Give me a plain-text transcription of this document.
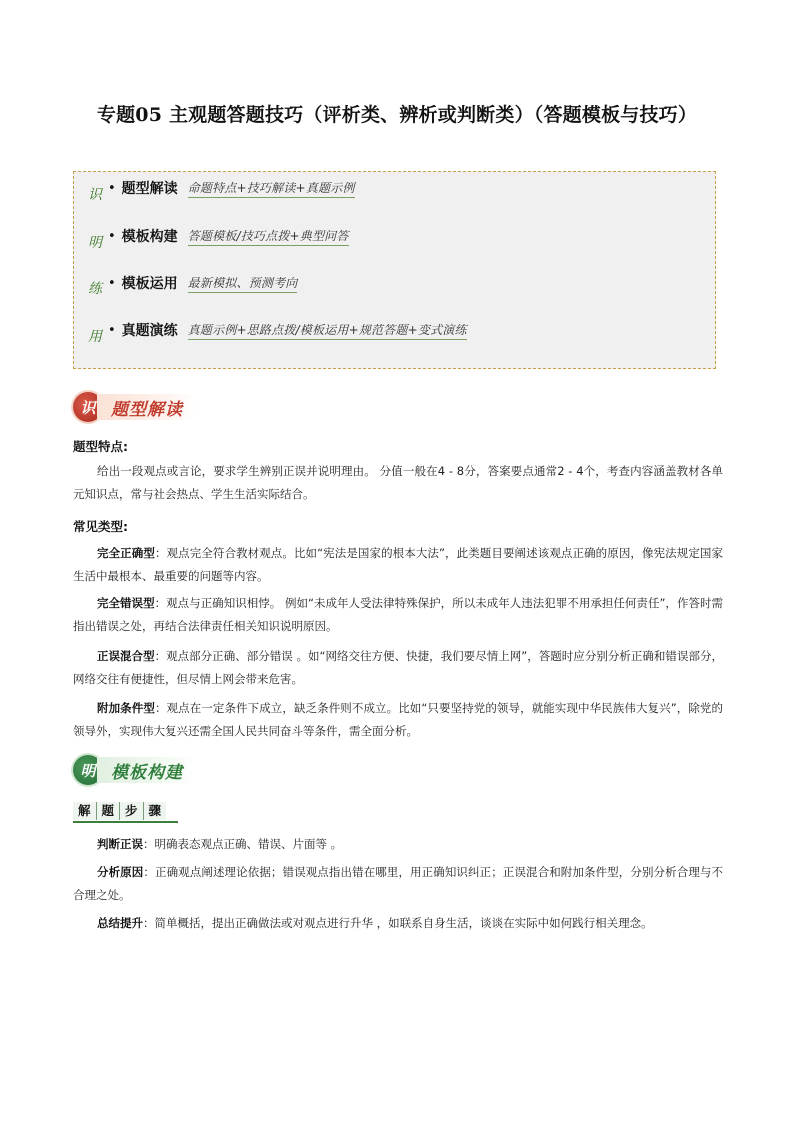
专题05 主观题答题技巧（评析类、辨析或判断类）（答题模板与技巧）
识
明
练
用
• 题型解读 命题特点+技巧解读+真题示例
• 模板构建 答题模板/技巧点拨+典型问答
• 模板运用 最新模拟、预测考向
• 真题演练 真题示例+思路点拨/模板运用+规范答题+变式演练
识 题型解读
题型特点:
给出一段观点或言论，要求学生辨别正误并说明理由。 分值一般在4 - 8分，答案要点通常2 - 4个，考查内容涵盖教材各单元知识点，常与社会热点、学生生活实际结合。
常见类型:
完全正确型：观点完全符合教材观点。比如“宪法是国家的根本大法”，此类题目要阐述该观点正确的原因，像宪法规定国家生活中最根本、最重要的问题等内容。
完全错误型：观点与正确知识相悖。 例如“未成年人受法律特殊保护，所以未成年人违法犯罪不用承担任何责任”，作答时需指出错误之处，再结合法律责任相关知识说明原因。
正误混合型：观点部分正确、部分错误 。如“网络交往方便、快捷，我们要尽情上网”，答题时应分别分析正确和错误部分，网络交往有便捷性，但尽情上网会带来危害。
附加条件型：观点在一定条件下成立，缺乏条件则不成立。比如“只要坚持党的领导，就能实现中华民族伟大复兴”，除党的领导外，实现伟大复兴还需全国人民共同奋斗等条件，需全面分析。
明 模板构建
解 题 步 骤
判断正误：明确表态观点正确、错误、片面等 。
分析原因：正确观点阐述理论依据；错误观点指出错在哪里，用正确知识纠正；正误混合和附加条件型，分别分析合理与不合理之处。
总结提升：简单概括，提出正确做法或对观点进行升华 ，如联系自身生活，谈谈在实际中如何践行相关理念。
